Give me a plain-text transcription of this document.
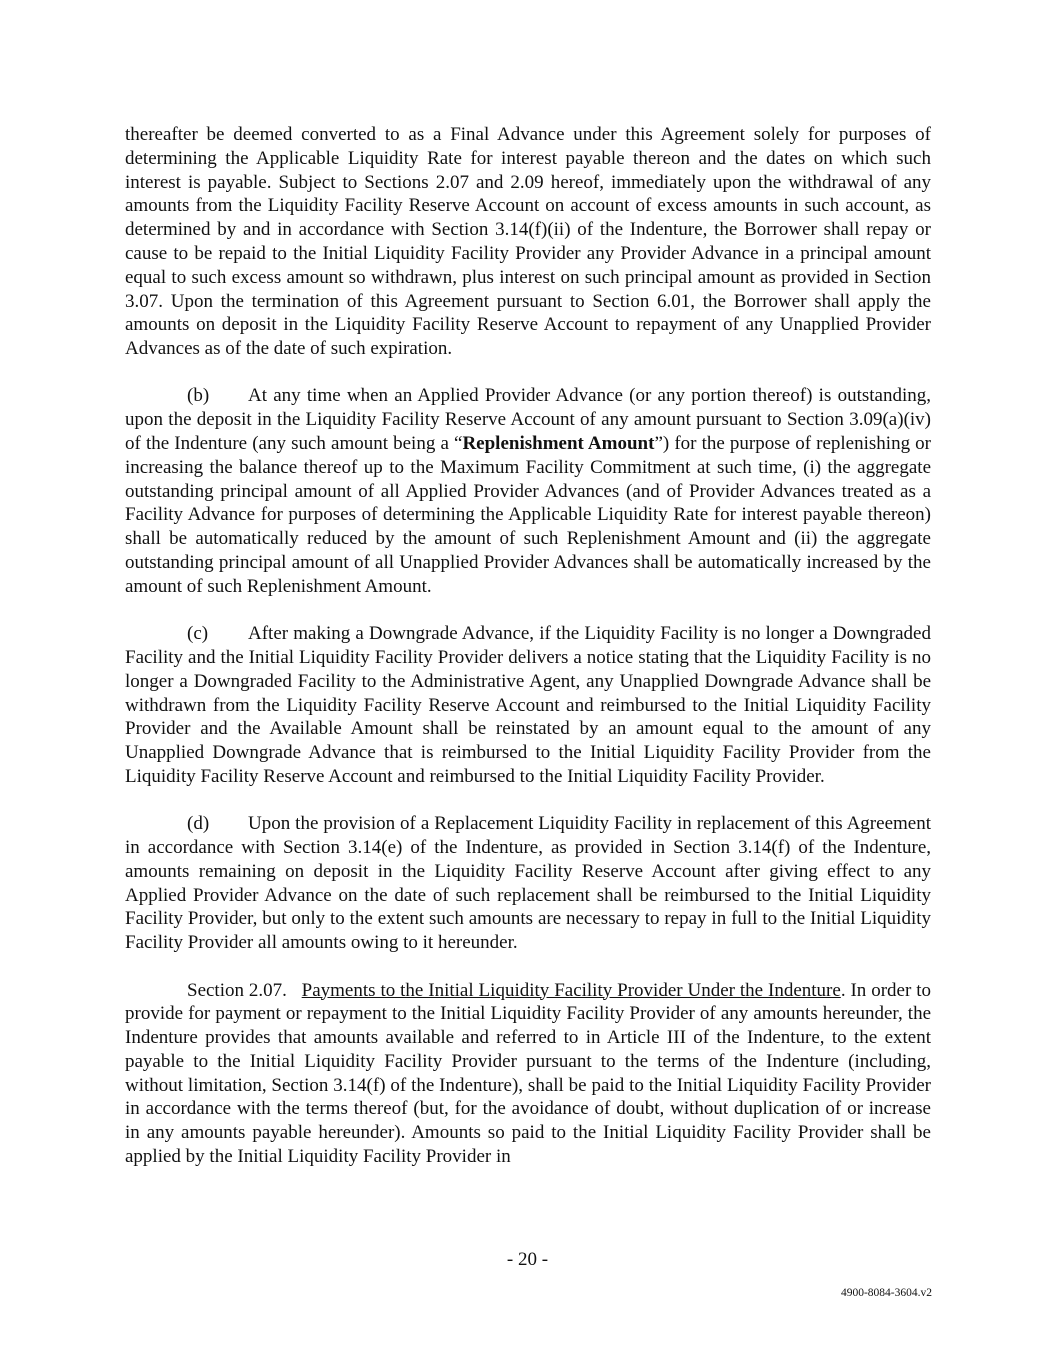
thereafter be deemed converted to as a Final Advance under this Agreement solely for purposes of determining the Applicable Liquidity Rate for interest payable thereon and the dates on which such interest is payable. Subject to Sections 2.07 and 2.09 hereof, immediately upon the withdrawal of any amounts from the Liquidity Facility Reserve Account on account of excess amounts in such account, as determined by and in accordance with Section 3.14(f)(ii) of the Indenture, the Borrower shall repay or cause to be repaid to the Initial Liquidity Facility Provider any Provider Advance in a principal amount equal to such excess amount so withdrawn, plus interest on such principal amount as provided in Section 3.07. Upon the termination of this Agreement pursuant to Section 6.01, the Borrower shall apply the amounts on deposit in the Liquidity Facility Reserve Account to repayment of any Unapplied Provider Advances as of the date of such expiration.

(b) At any time when an Applied Provider Advance (or any portion thereof) is outstanding, upon the deposit in the Liquidity Facility Reserve Account of any amount pursuant to Section 3.09(a)(iv) of the Indenture (any such amount being a “Replenishment Amount”) for the purpose of replenishing or increasing the balance thereof up to the Maximum Facility Commitment at such time, (i) the aggregate outstanding principal amount of all Applied Provider Advances (and of Provider Advances treated as a Facility Advance for purposes of determining the Applicable Liquidity Rate for interest payable thereon) shall be automatically reduced by the amount of such Replenishment Amount and (ii) the aggregate outstanding principal amount of all Unapplied Provider Advances shall be automatically increased by the amount of such Replenishment Amount.

(c) After making a Downgrade Advance, if the Liquidity Facility is no longer a Downgraded Facility and the Initial Liquidity Facility Provider delivers a notice stating that the Liquidity Facility is no longer a Downgraded Facility to the Administrative Agent, any Unapplied Downgrade Advance shall be withdrawn from the Liquidity Facility Reserve Account and reimbursed to the Initial Liquidity Facility Provider and the Available Amount shall be reinstated by an amount equal to the amount of any Unapplied Downgrade Advance that is reimbursed to the Initial Liquidity Facility Provider from the Liquidity Facility Reserve Account and reimbursed to the Initial Liquidity Facility Provider.

(d) Upon the provision of a Replacement Liquidity Facility in replacement of this Agreement in accordance with Section 3.14(e) of the Indenture, as provided in Section 3.14(f) of the Indenture, amounts remaining on deposit in the Liquidity Facility Reserve Account after giving effect to any Applied Provider Advance on the date of such replacement shall be reimbursed to the Initial Liquidity Facility Provider, but only to the extent such amounts are necessary to repay in full to the Initial Liquidity Facility Provider all amounts owing to it hereunder.

Section 2.07. Payments to the Initial Liquidity Facility Provider Under the Indenture. In order to provide for payment or repayment to the Initial Liquidity Facility Provider of any amounts hereunder, the Indenture provides that amounts available and referred to in Article III of the Indenture, to the extent payable to the Initial Liquidity Facility Provider pursuant to the terms of the Indenture (including, without limitation, Section 3.14(f) of the Indenture), shall be paid to the Initial Liquidity Facility Provider in accordance with the terms thereof (but, for the avoidance of doubt, without duplication of or increase in any amounts payable hereunder). Amounts so paid to the Initial Liquidity Facility Provider shall be applied by the Initial Liquidity Facility Provider in

- 20 -
4900-8084-3604.v2
